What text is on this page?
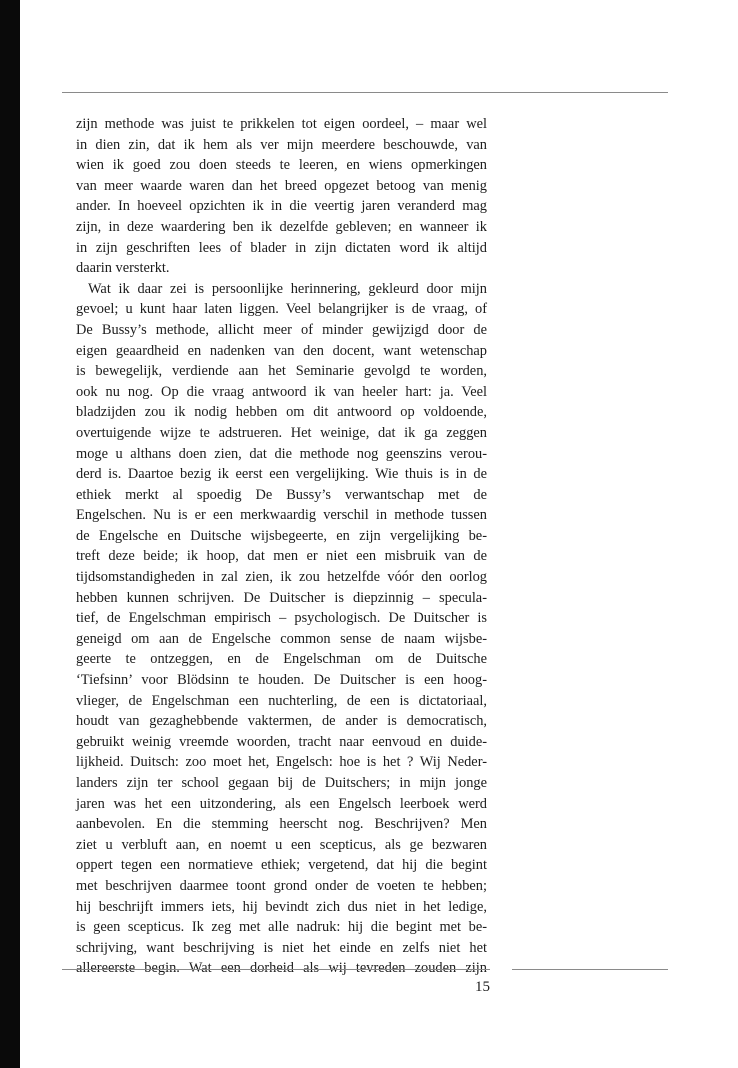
zijn methode was juist te prikkelen tot eigen oordeel, – maar wel
in dien zin, dat ik hem als ver mijn meerdere beschouwde, van
wien ik goed zou doen steeds te leeren, en wiens opmerkingen
van meer waarde waren dan het breed opgezet betoog van menig
ander. In hoeveel opzichten ik in die veertig jaren veranderd mag
zijn, in deze waardering ben ik dezelfde gebleven; en wanneer ik
in zijn geschriften lees of blader in zijn dictaten word ik altijd
daarin versterkt.
Wat ik daar zei is persoonlijke herinnering, gekleurd door mijn
gevoel; u kunt haar laten liggen. Veel belangrijker is de vraag, of
De Bussy’s methode, allicht meer of minder gewijzigd door de
eigen geaardheid en nadenken van den docent, want wetenschap
is bewegelijk, verdiende aan het Seminarie gevolgd te worden,
ook nu nog. Op die vraag antwoord ik van heeler hart: ja. Veel
bladzijden zou ik nodig hebben om dit antwoord op voldoende,
overtuigende wijze te adstrueren. Het weinige, dat ik ga zeggen
moge u althans doen zien, dat die methode nog geenszins verou-
derd is. Daartoe bezig ik eerst een vergelijking. Wie thuis is in de
ethiek merkt al spoedig De Bussy’s verwantschap met de
Engelschen. Nu is er een merkwaardig verschil in methode tussen
de Engelsche en Duitsche wijsbegeerte, en zijn vergelijking be-
treft deze beide; ik hoop, dat men er niet een misbruik van de
tijdsomstandigheden in zal zien, ik zou hetzelfde vóór den oorlog
hebben kunnen schrijven. De Duitscher is diepzinnig – specula-
tief, de Engelschman empirisch – psychologisch. De Duitscher is
geneigd om aan de Engelsche common sense de naam wijsbe-
geerte te ontzeggen, en de Engelschman om de Duitsche
‘Tiefsinn’ voor Blödsinn te houden. De Duitscher is een hoog-
vlieger, de Engelschman een nuchterling, de een is dictatoriaal,
houdt van gezaghebbende vaktermen, de ander is democratisch,
gebruikt weinig vreemde woorden, tracht naar eenvoud en duide-
lijkheid. Duitsch: zoo moet het, Engelsch: hoe is het ? Wij Neder-
landers zijn ter school gegaan bij de Duitschers; in mijn jonge
jaren was het een uitzondering, als een Engelsch leerboek werd
aanbevolen. En die stemming heerscht nog. Beschrijven? Men
ziet u verbluft aan, en noemt u een scepticus, als ge bezwaren
oppert tegen een normatieve ethiek; vergetend, dat hij die begint
met beschrijven daarmee toont grond onder de voeten te hebben;
hij beschrijft immers iets, hij bevindt zich dus niet in het ledige,
is geen scepticus. Ik zeg met alle nadruk: hij die begint met be-
schrijving, want beschrijving is niet het einde en zelfs niet het
allereerste begin. Wat een dorheid als wij tevreden zouden zijn
15
